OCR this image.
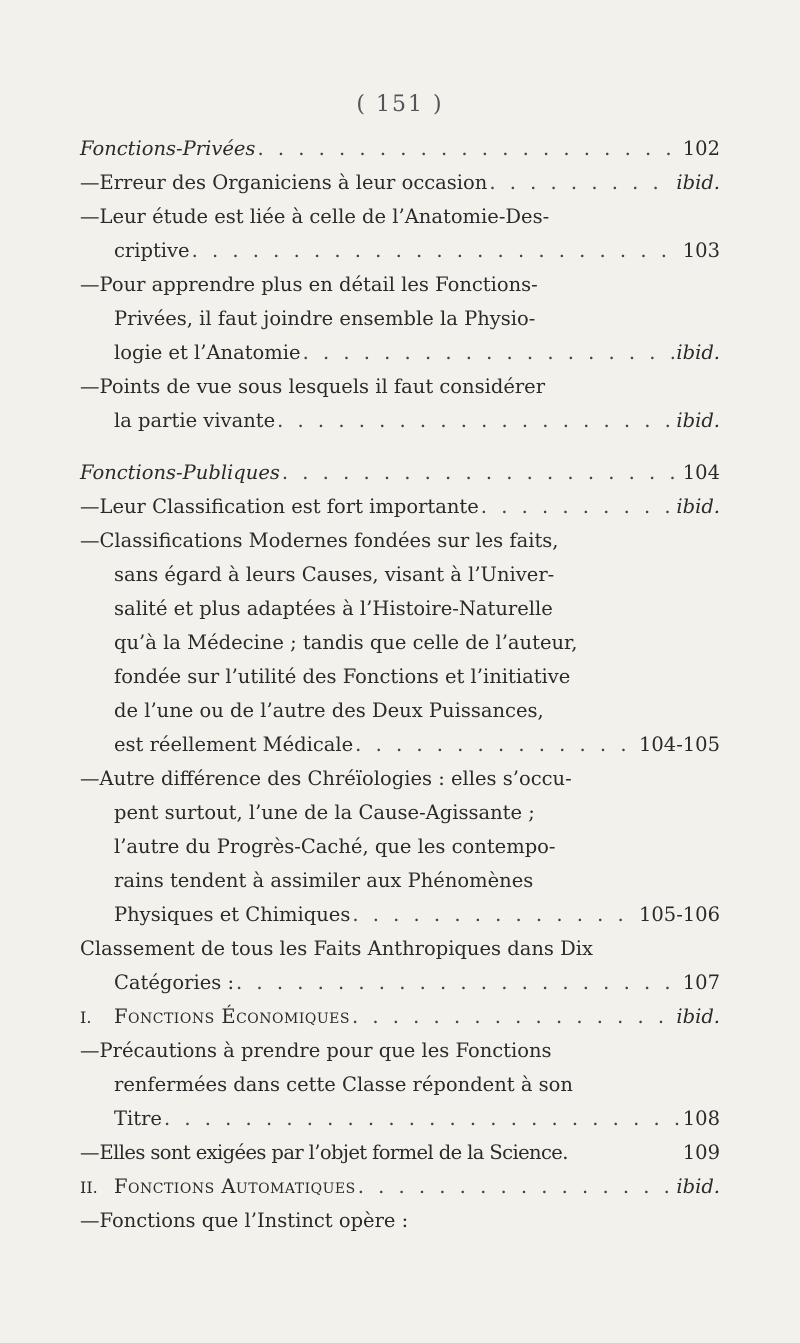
( 151 )
Fonctions-Privées . . .	102
—Erreur des Organiciens à leur occasion . . .	ibid.
—Leur étude est liée à celle de l’Anatomie-Des-
criptive . . .	103
—Pour apprendre plus en détail les Fonctions-
Privées, il faut joindre ensemble la Physio-
logie et l’Anatomie . . .	ibid.
—Points de vue sous lesquels il faut considérer
la partie vivante . . .	ibid.
Fonctions-Publiques . . .	104
—Leur Classification est fort importante . . .	ibid.
—Classifications Modernes fondées sur les faits,
sans égard à leurs Causes, visant à l’Univer-
salité et plus adaptées à l’Histoire-Naturelle
qu’à la Médecine ; tandis que celle de l’auteur,
fondée sur l’utilité des Fonctions et l’initiative
de l’une ou de l’autre des Deux Puissances,
est réellement Médicale . . .	104-105
—Autre différence des Chréïologies : elles s’occu-
pent surtout, l’une de la Cause-Agissante ;
l’autre du Progrès-Caché, que les contempo-
rains tendent à assimiler aux Phénomènes
Physiques et Chimiques . . .	105-106
Classement de tous les Faits Anthropiques dans Dix
Catégories : . . .	107
I. Fonctions Économiques . . .	ibid.
—Précautions à prendre pour que les Fonctions
renfermées dans cette Classe répondent à son
Titre . . .	108
—Elles sont exigées par l’objet formel de la Science.	109
II. Fonctions Automatiques . . .	ibid.
—Fonctions que l’Instinct opère :
